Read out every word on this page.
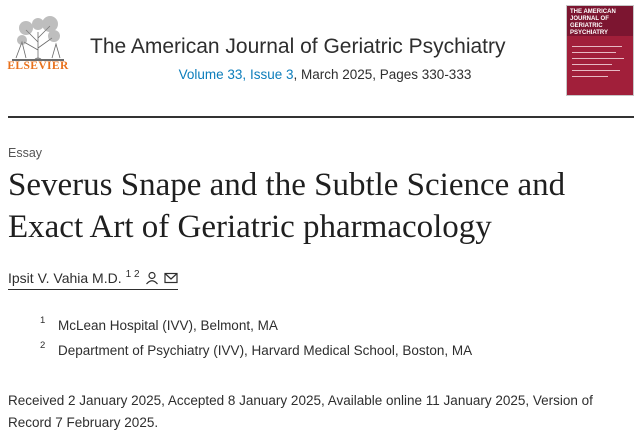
ELSEVIER
The American Journal of Geriatric Psychiatry
Volume 33, Issue 3, March 2025, Pages 330-333
THE AMERICAN JOURNAL OF GERIATRIC PSYCHIATRY
Essay
Severus Snape and the Subtle Science and Exact Art of Geriatric pharmacology
Ipsit V. Vahia M.D. $^{1 2}$
1 McLean Hospital (IVV), Belmont, MA
2 Department of Psychiatry (IVV), Harvard Medical School, Boston, MA
Received 2 January 2025, Accepted 8 January 2025, Available online 11 January 2025, Version of Record 7 February 2025.
